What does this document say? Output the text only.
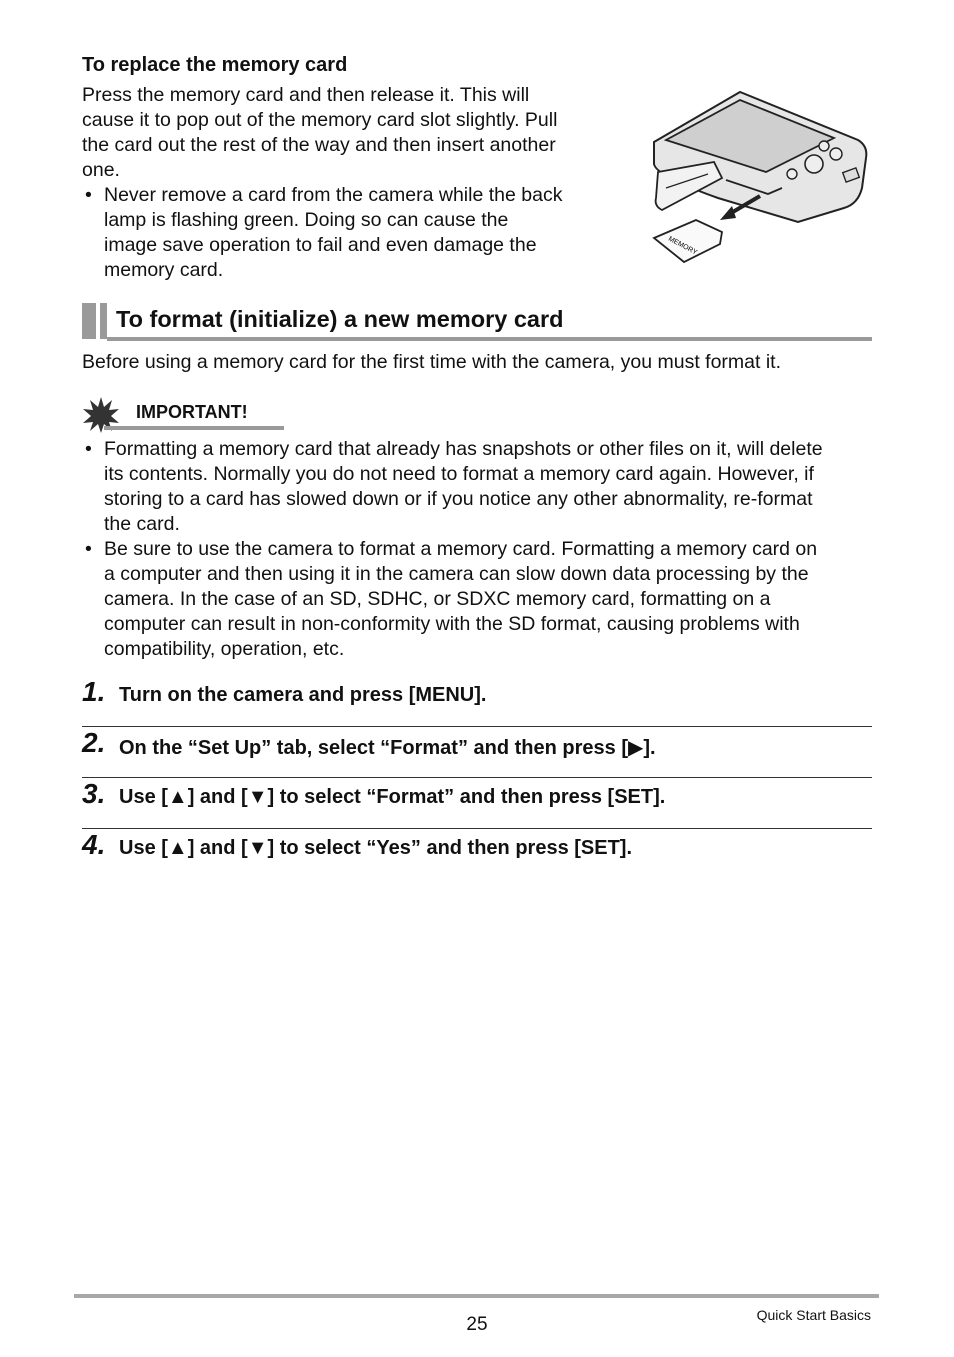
To replace the memory card
Press the memory card and then release it. This will
cause it to pop out of the memory card slot slightly. Pull
the card out the rest of the way and then insert another
one.
• Never remove a card from the camera while the back
lamp is flashing green. Doing so can cause the
image save operation to fail and even damage the
memory card.
MEMORY
To format (initialize) a new memory card
Before using a memory card for the first time with the camera, you must format it.
IMPORTANT!
• Formatting a memory card that already has snapshots or other files on it, will delete
its contents. Normally you do not need to format a memory card again. However, if
storing to a card has slowed down or if you notice any other abnormality, re-format
the card.
• Be sure to use the camera to format a memory card. Formatting a memory card on
a computer and then using it in the camera can slow down data processing by the
camera. In the case of an SD, SDHC, or SDXC memory card, formatting on a
computer can result in non-conformity with the SD format, causing problems with
compatibility, operation, etc.
1. Turn on the camera and press [MENU].
2. On the “Set Up” tab, select “Format” and then press [▶].
3. Use [▲] and [▼] to select “Format” and then press [SET].
4. Use [▲] and [▼] to select “Yes” and then press [SET].
25	Quick Start Basics
